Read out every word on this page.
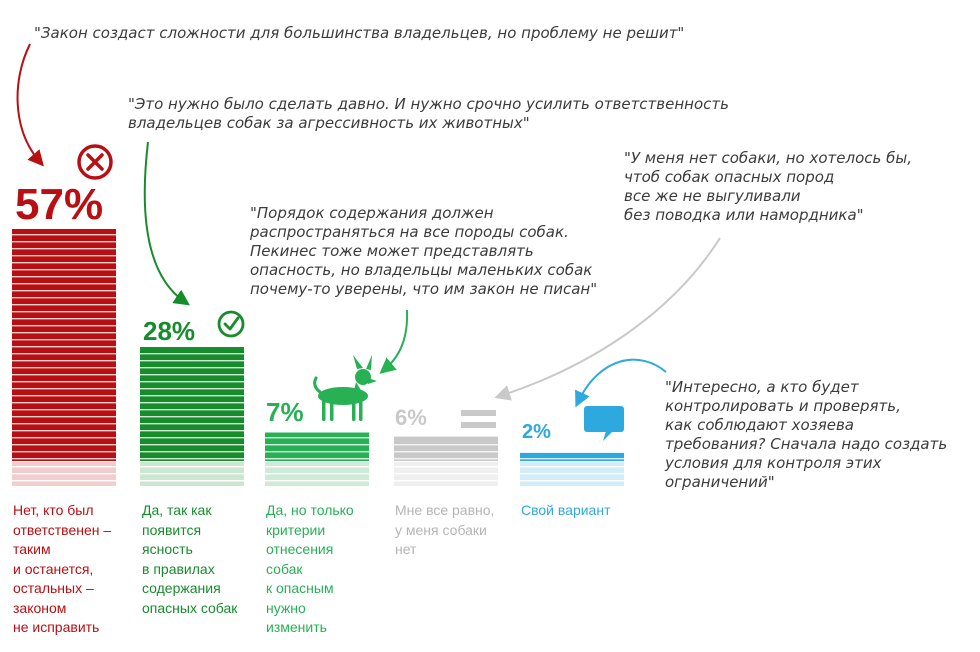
"Закон создаст сложности для большинства владельцев, но проблему не решит"

"Это нужно было сделать давно. И нужно срочно усилить ответственность
владельцев собак за агрессивность их животных"

"Порядок содержания должен
распространяться на все породы собак.
Пекинес тоже может представлять
опасность, но владельцы маленьких собак
почему-то уверены, что им закон не писан"

"У меня нет собаки, но хотелось бы,
чтоб собак опасных пород
все же не выгуливали
без поводка или намордника"

"Интересно, а кто будет
контролировать и проверять,
как соблюдают хозяева
требования? Сначала надо создать
условия для контроля этих
ограничений"

57%
28%
7%	6%
2%

Нет, кто был
ответственен –
таким
и останется,
остальных –
законом
не исправить

Да, так как
появится
ясность
в правилах
содержания
опасных собак

Да, но только
критерии
отнесения
собак
к опасным
нужно
изменить

Мне все равно,
у меня собаки
нет

Свой вариант
